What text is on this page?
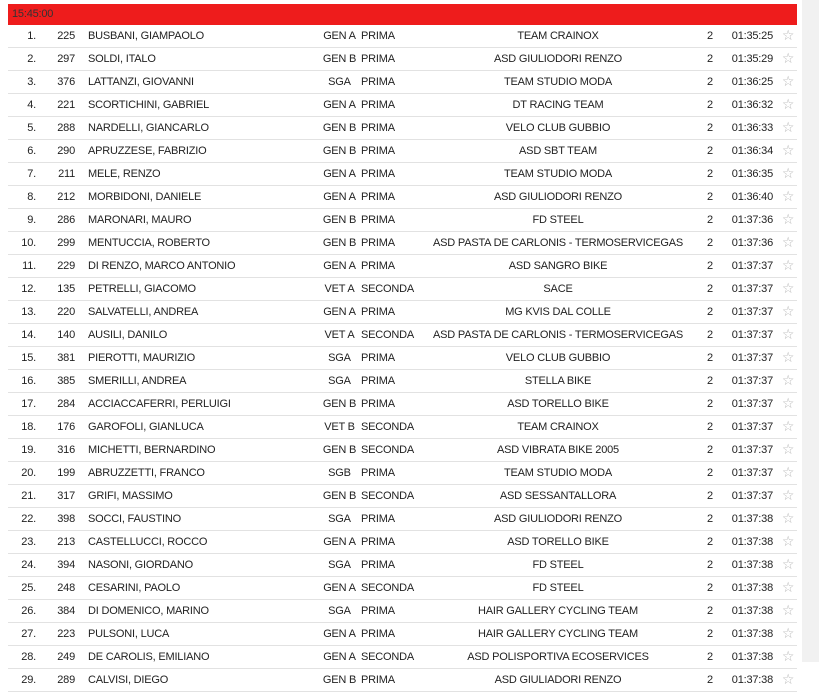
15:45:00
1.	225 BUSBANI, GIAMPAOLO	GEN A PRIMA	TEAM CRAINOX	2	01:35:25 ☆
2.	297 SOLDI, ITALO	GEN B PRIMA	ASD GIULIODORI RENZO	2	01:35:29 ☆
3.	376 LATTANZI, GIOVANNI	SGA PRIMA	TEAM STUDIO MODA	2	01:36:25 ☆
4.	221 SCORTICHINI, GABRIEL	GEN A PRIMA	DT RACING TEAM	2	01:36:32 ☆
5.	288 NARDELLI, GIANCARLO	GEN B PRIMA	VELO CLUB GUBBIO	2	01:36:33 ☆
6.	290 APRUZZESE, FABRIZIO	GEN B PRIMA	ASD SBT TEAM	2	01:36:34 ☆
7.	211 MELE, RENZO	GEN A PRIMA	TEAM STUDIO MODA	2	01:36:35 ☆
8.	212 MORBIDONI, DANIELE	GEN A PRIMA	ASD GIULIODORI RENZO	2	01:36:40 ☆
9.	286 MARONARI, MAURO	GEN B PRIMA	FD STEEL	2	01:37:36 ☆
10.	299 MENTUCCIA, ROBERTO	GEN B PRIMA	ASD PASTA DE CARLONIS - TERMOSERVICEGAS	2	01:37:36 ☆
11.	229 DI RENZO, MARCO ANTONIO	GEN A PRIMA	ASD SANGRO BIKE	2	01:37:37 ☆
12.	135 PETRELLI, GIACOMO	VET A SECONDA	SACE	2	01:37:37 ☆
13.	220 SALVATELLI, ANDREA	GEN A PRIMA	MG KVIS DAL COLLE	2	01:37:37 ☆
14.	140 AUSILI, DANILO	VET A SECONDA	ASD PASTA DE CARLONIS - TERMOSERVICEGAS	2	01:37:37 ☆
15.	381 PIEROTTI, MAURIZIO	SGA PRIMA	VELO CLUB GUBBIO	2	01:37:37 ☆
16.	385 SMERILLI, ANDREA	SGA PRIMA	STELLA BIKE	2	01:37:37 ☆
17.	284 ACCIACCAFERRI, PERLUIGI	GEN B PRIMA	ASD TORELLO BIKE	2	01:37:37 ☆
18.	176 GAROFOLI, GIANLUCA	VET B SECONDA	TEAM CRAINOX	2	01:37:37 ☆
19.	316 MICHETTI, BERNARDINO	GEN B SECONDA	ASD VIBRATA BIKE 2005	2	01:37:37 ☆
20.	199 ABRUZZETTI, FRANCO	SGB PRIMA	TEAM STUDIO MODA	2	01:37:37 ☆
21.	317 GRIFI, MASSIMO	GEN B SECONDA	ASD SESSANTALLORA	2	01:37:37 ☆
22.	398 SOCCI, FAUSTINO	SGA PRIMA	ASD GIULIODORI RENZO	2	01:37:38 ☆
23.	213 CASTELLUCCI, ROCCO	GEN A PRIMA	ASD TORELLO BIKE	2	01:37:38 ☆
24.	394 NASONI, GIORDANO	SGA PRIMA	FD STEEL	2	01:37:38 ☆
25.	248 CESARINI, PAOLO	GEN A SECONDA	FD STEEL	2	01:37:38 ☆
26.	384 DI DOMENICO, MARINO	SGA PRIMA	HAIR GALLERY CYCLING TEAM	2	01:37:38 ☆
27.	223 PULSONI, LUCA	GEN A PRIMA	HAIR GALLERY CYCLING TEAM	2	01:37:38 ☆
28.	249 DE CAROLIS, EMILIANO	GEN A SECONDA	ASD POLISPORTIVA ECOSERVICES	2	01:37:38 ☆
29.	289 CALVISI, DIEGO	GEN B PRIMA	ASD GIULIADORI RENZO	2	01:37:38 ☆
